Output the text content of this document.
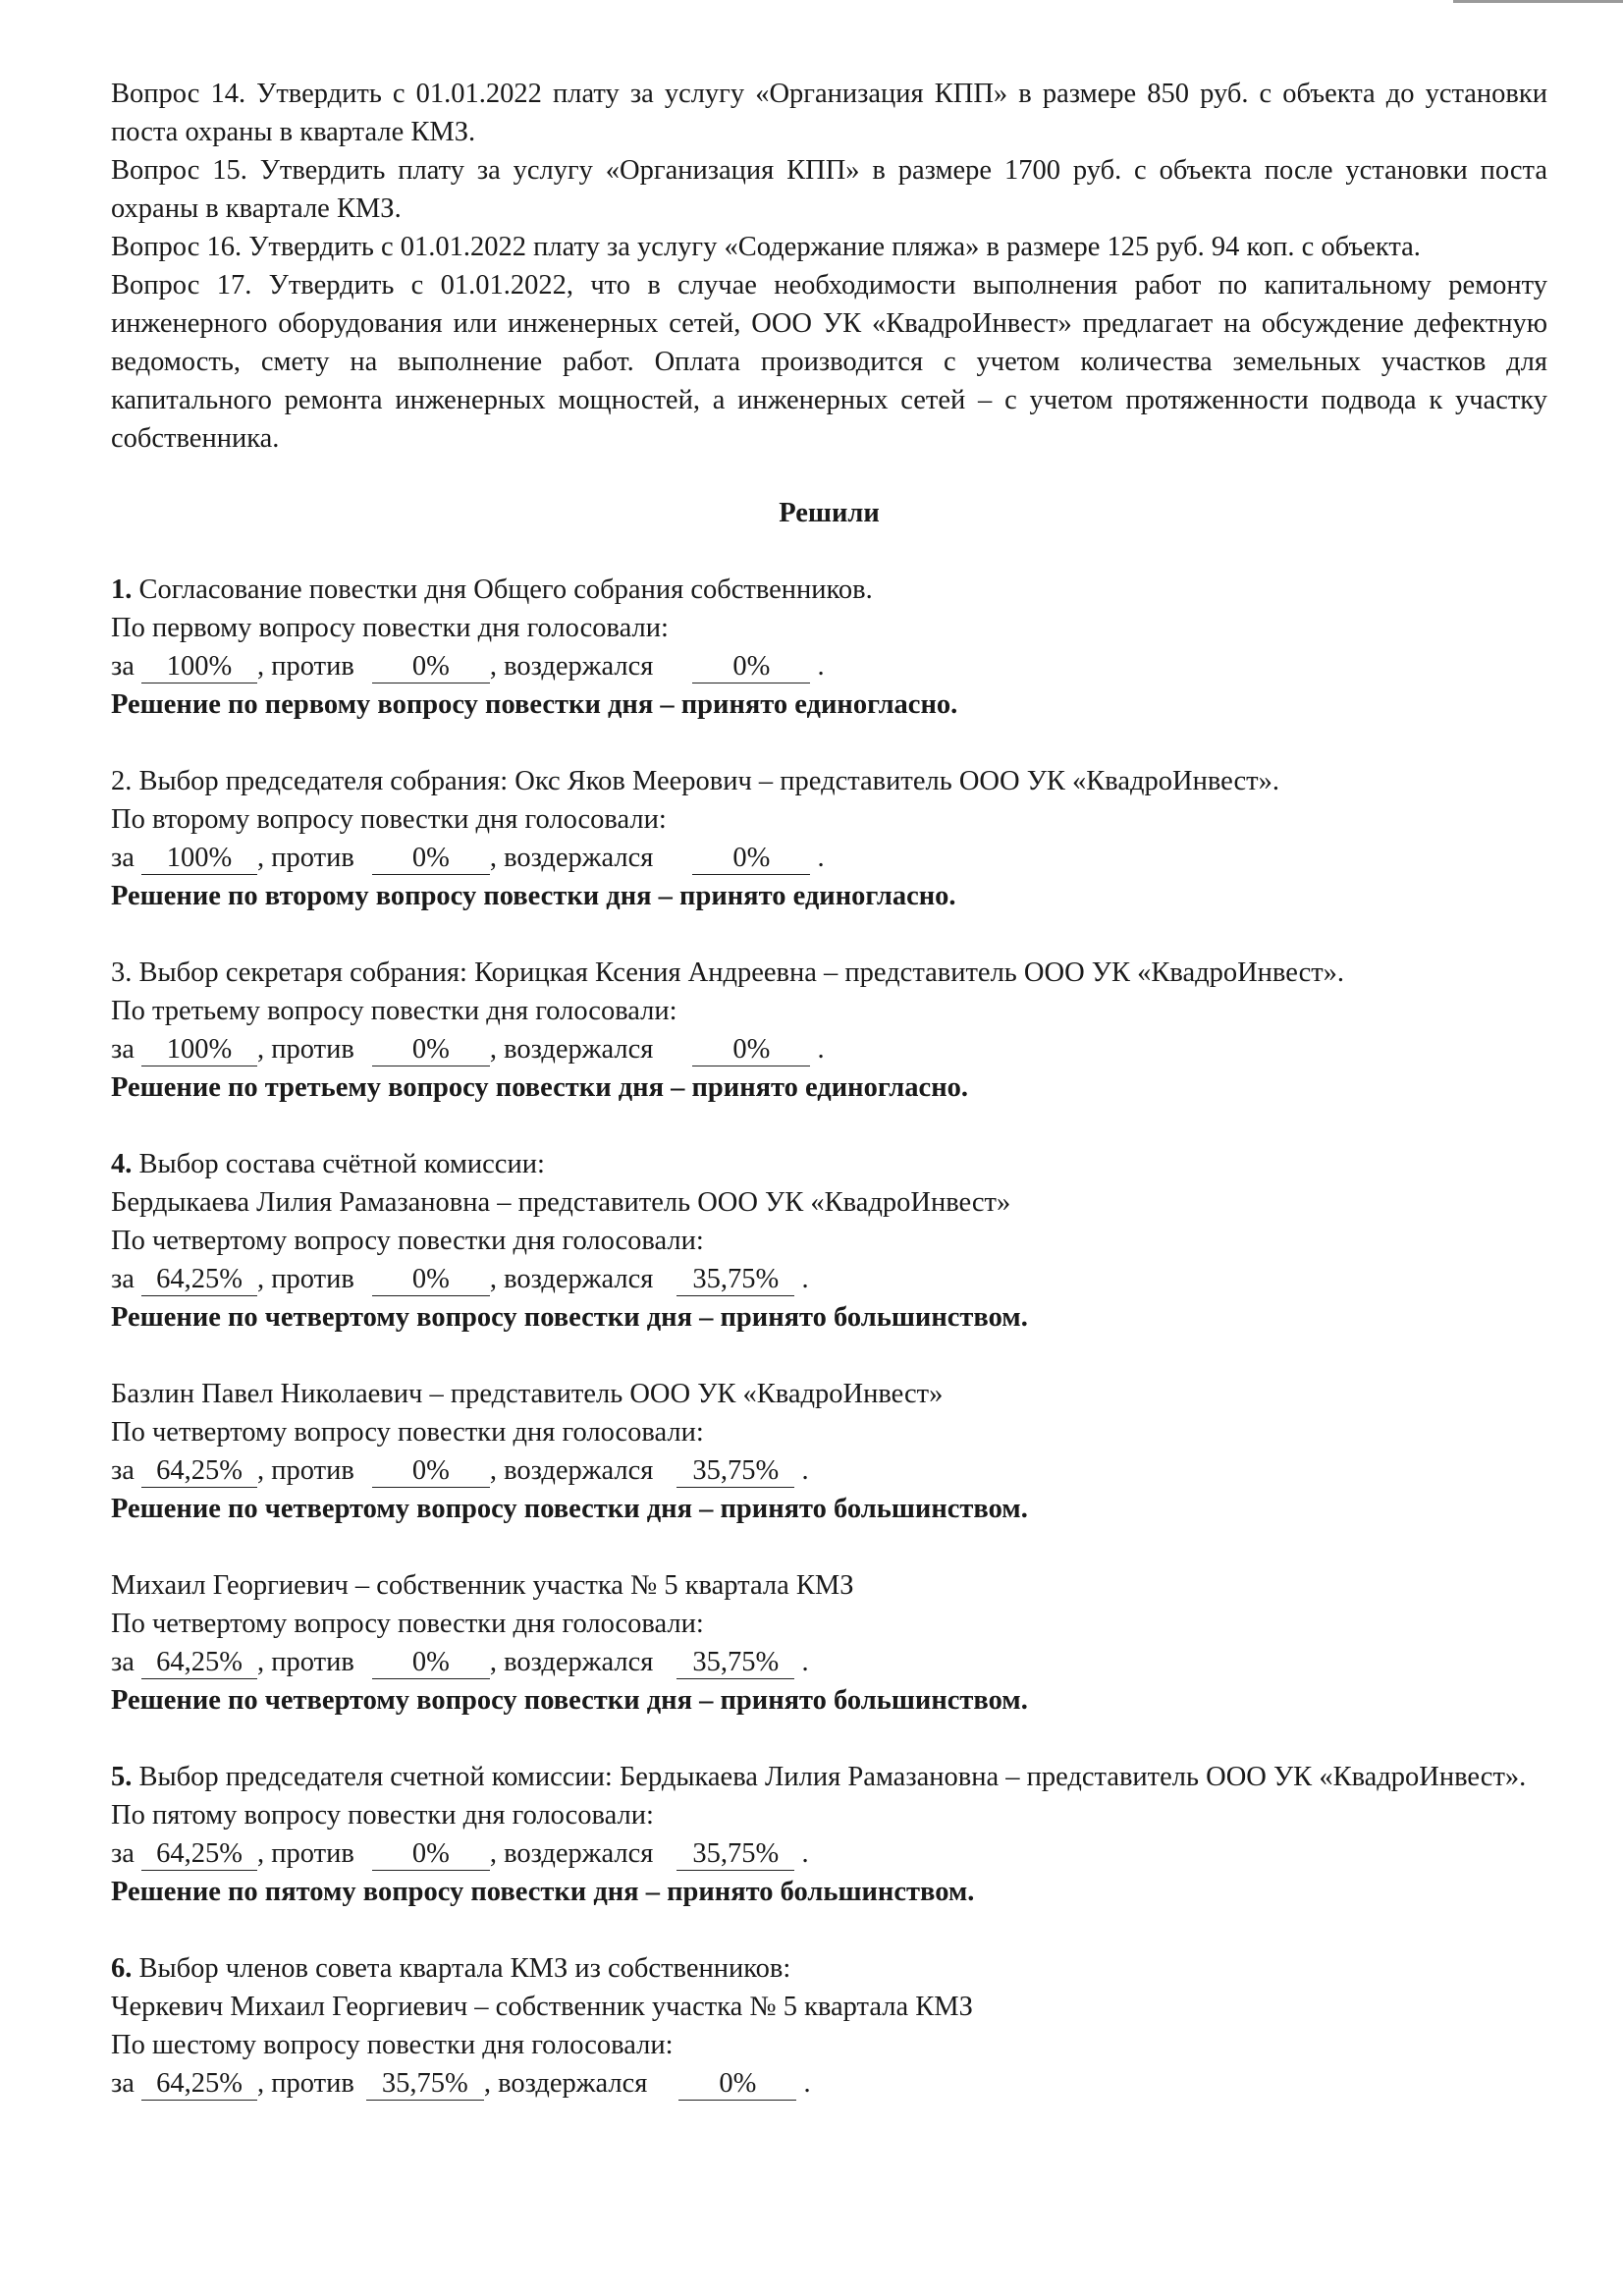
Вопрос 14. Утвердить с 01.01.2022 плату за услугу «Организация КПП» в размере 850 руб. с объекта до установки поста охраны в квартале КМЗ.

Вопрос 15. Утвердить плату за услугу «Организация КПП» в размере 1700 руб. с объекта после установки поста охраны в квартале КМЗ.

Вопрос 16. Утвердить с 01.01.2022 плату за услугу «Содержание пляжа» в размере 125 руб. 94 коп. с объекта.

Вопрос 17. Утвердить с 01.01.2022, что в случае необходимости выполнения работ по капитальному ремонту инженерного оборудования или инженерных сетей, ООО УК «КвадроИнвест» предлагает на обсуждение дефектную ведомость, смету на выполнение работ. Оплата производится с учетом количества земельных участков для капитального ремонта инженерных мощностей, а инженерных сетей – с учетом протяженности подвода к участку собственника.

Решили

1. Согласование повестки дня Общего собрания собственников.

По первому вопросу повестки дня голосовали:

за 100% , против 0% , воздержался	0% .

Решение по первому вопросу повестки дня – принято единогласно.

2. Выбор председателя собрания: Окс Яков Меерович – представитель ООО УК «КвадроИнвест».

По второму вопросу повестки дня голосовали:

за 100% , против 0% , воздержался	0% .

Решение по второму вопросу повестки дня – принято единогласно.

3. Выбор секретаря собрания: Корицкая Ксения Андреевна – представитель ООО УК «КвадроИнвест».

По третьему вопросу повестки дня голосовали:

за 100% , против 0% , воздержался	0% .

Решение по третьему вопросу повестки дня – принято единогласно.

4. Выбор состава счётной комиссии:

Бердыкаева Лилия Рамазановна – представитель ООО УК «КвадроИнвест»

По четвертому вопросу повестки дня голосовали:

за 64,25% , против 0% , воздержался 35,75% .

Решение по четвертому вопросу повестки дня – принято большинством.

Базлин Павел Николаевич – представитель ООО УК «КвадроИнвест»

По четвертому вопросу повестки дня голосовали:

за 64,25% , против 0% , воздержался 35,75% .

Решение по четвертому вопросу повестки дня – принято большинством.

Михаил Георгиевич – собственник участка № 5 квартала КМЗ

По четвертому вопросу повестки дня голосовали:

за 64,25% , против 0% , воздержался 35,75% .

Решение по четвертому вопросу повестки дня – принято большинством.

5. Выбор председателя счетной комиссии: Бердыкаева Лилия Рамазановна – представитель ООО УК «КвадроИнвест».

По пятому вопросу повестки дня голосовали:

за 64,25% , против 0% , воздержался 35,75% .

Решение по пятому вопросу повестки дня – принято большинством.

6. Выбор членов совета квартала КМЗ из собственников:

Черкевич Михаил Георгиевич – собственник участка № 5 квартала КМЗ

По шестому вопросу повестки дня голосовали:

за 64,25% , против 35,75% , воздержался	0% .
